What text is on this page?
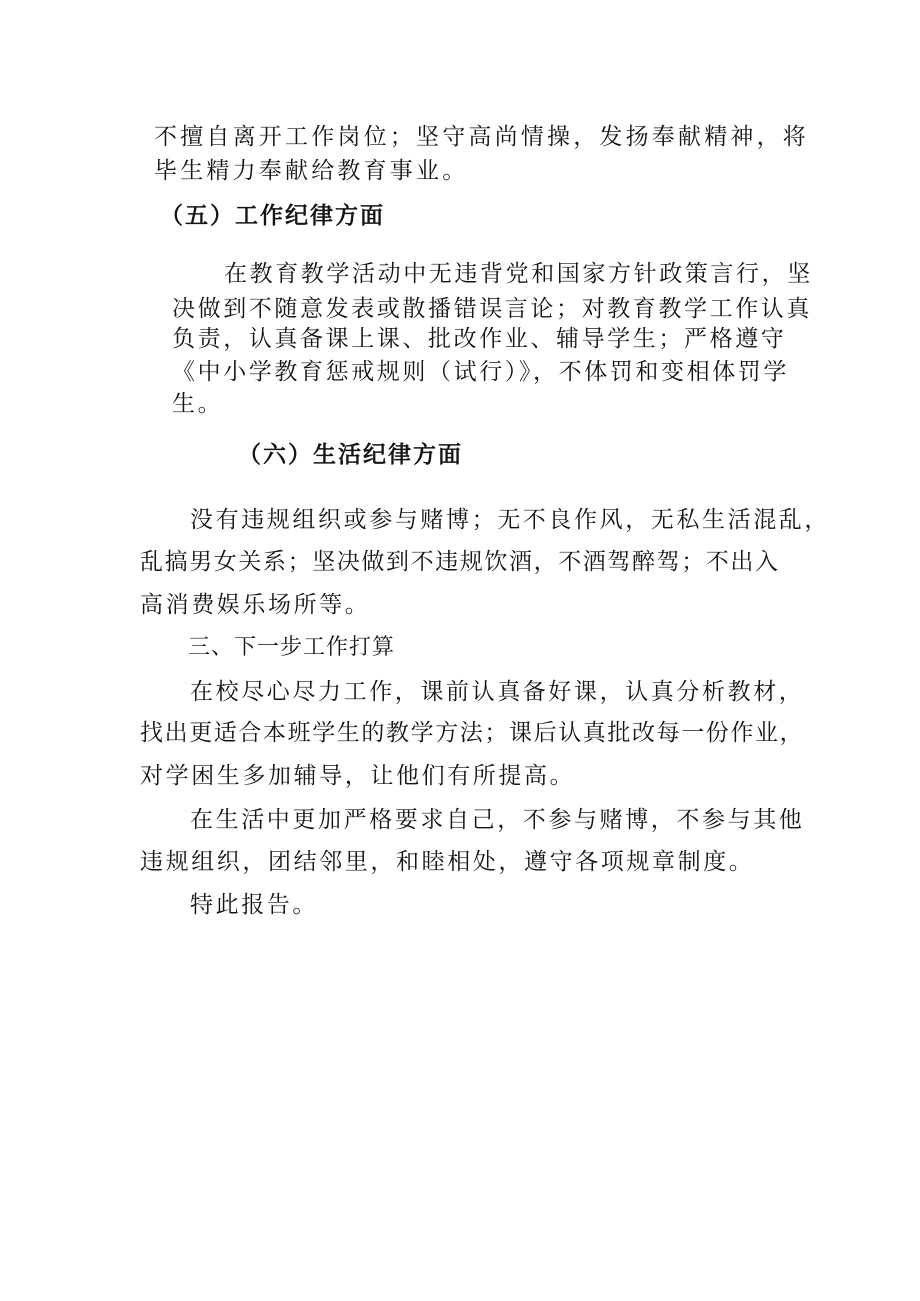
不擅自离开工作岗位；坚守高尚情操，发扬奉献精神，将
毕生精力奉献给教育事业。
（五）工作纪律方面
在教育教学活动中无违背党和国家方针政策言行，坚
决做到不随意发表或散播错误言论；对教育教学工作认真
负责，认真备课上课、批改作业、辅导学生；严格遵守
《中小学教育惩戒规则（试行）》，不体罚和变相体罚学
生。
（六）生活纪律方面
没有违规组织或参与赌博；无不良作风，无私生活混乱，
乱搞男女关系；坚决做到不违规饮酒，不酒驾醉驾；不出入
高消费娱乐场所等。
三、下一步工作打算
在校尽心尽力工作，课前认真备好课，认真分析教材，
找出更适合本班学生的教学方法；课后认真批改每一份作业，
对学困生多加辅导，让他们有所提高。
在生活中更加严格要求自己，不参与赌博，不参与其他
违规组织，团结邻里，和睦相处，遵守各项规章制度。
特此报告。
